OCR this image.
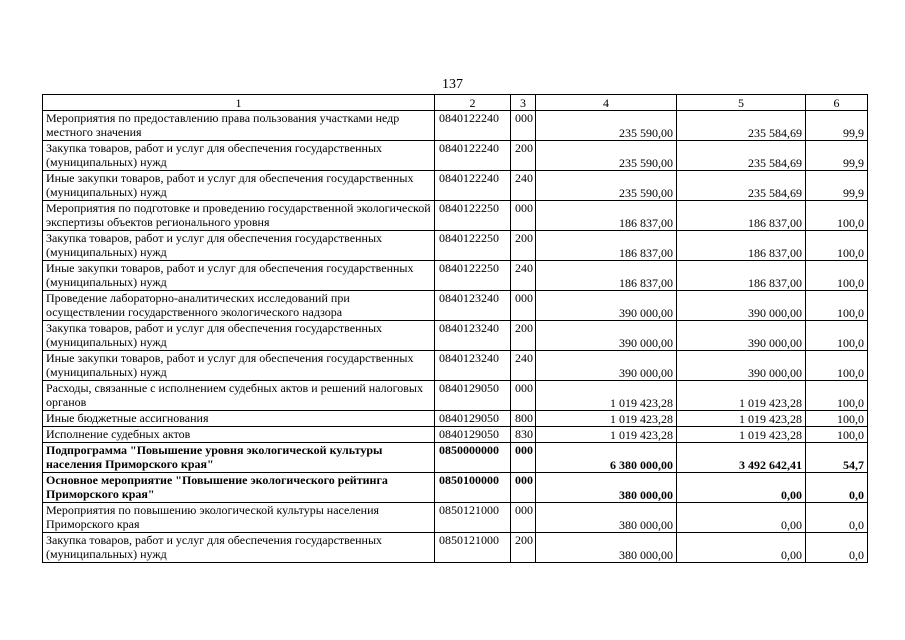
137
1	2	3	4	5	6
Мероприятия по предоставлению права пользования участками недр местного значения	0840122240	000	235 590,00	235 584,69	99,9
Закупка товаров, работ и услуг для обеспечения государственных (муниципальных) нужд	0840122240	200	235 590,00	235 584,69	99,9
Иные закупки товаров, работ и услуг для обеспечения государственных (муниципальных) нужд	0840122240	240	235 590,00	235 584,69	99,9
Мероприятия по подготовке и проведению государственной экологической экспертизы объектов регионального уровня	0840122250	000	186 837,00	186 837,00	100,0
Закупка товаров, работ и услуг для обеспечения государственных (муниципальных) нужд	0840122250	200	186 837,00	186 837,00	100,0
Иные закупки товаров, работ и услуг для обеспечения государственных (муниципальных) нужд	0840122250	240	186 837,00	186 837,00	100,0
Проведение лабораторно-аналитических исследований при осуществлении государственного экологического надзора	0840123240	000	390 000,00	390 000,00	100,0
Закупка товаров, работ и услуг для обеспечения государственных (муниципальных) нужд	0840123240	200	390 000,00	390 000,00	100,0
Иные закупки товаров, работ и услуг для обеспечения государственных (муниципальных) нужд	0840123240	240	390 000,00	390 000,00	100,0
Расходы, связанные с исполнением судебных актов и решений налоговых органов	0840129050	000	1 019 423,28	1 019 423,28	100,0
Иные бюджетные ассигнования	0840129050	800	1 019 423,28	1 019 423,28	100,0
Исполнение судебных актов	0840129050	830	1 019 423,28	1 019 423,28	100,0
Подпрограмма "Повышение уровня экологической культуры населения Приморского края"	0850000000	000	6 380 000,00	3 492 642,41	54,7
Основное мероприятие "Повышение экологического рейтинга Приморского края"	0850100000	000	380 000,00	0,00	0,0
Мероприятия по повышению экологической культуры населения Приморского края	0850121000	000	380 000,00	0,00	0,0
Закупка товаров, работ и услуг для обеспечения государственных (муниципальных) нужд	0850121000	200	380 000,00	0,00	0,0
